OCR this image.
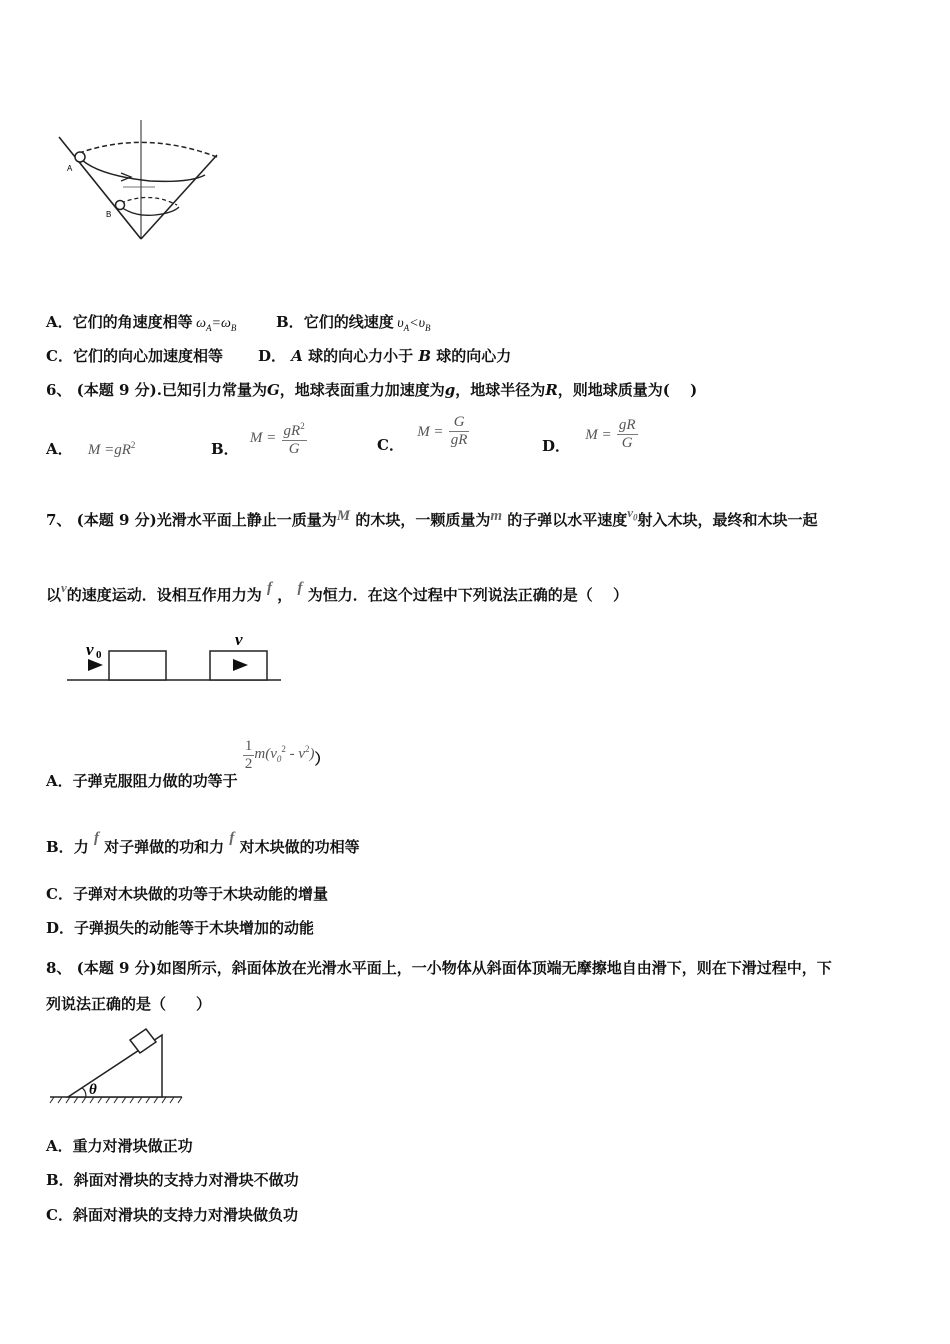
A
B
A．它们的角速度相等 $\omega_A=\omega_B$	B．它们的线速度 $\upsilon_A<\upsilon_B$
C．它们的向心加速度相等 D． A 球的向心力小于 B 球的向心力
6、 (本题 9 分).已知引力常量为G，地球表面重力加速度为g，地球半径为R，则地球质量为(　 )
A． $M =gR^2$	B． $M = \frac{gR^2}{G}$	C． $M = \frac{G}{gR}$	D． $M = \frac{gR}{G}$
7、 (本题 9 分)光滑水平面上静止一质量为M 的木块，一颗质量为m 的子弹以水平速度$v_0$射入木块，最终和木块一起
以v的速度运动．设相互作用力为 f ， f 为恒力．在这个过程中下列说法正确的是（　 ）
v 0
v
A．子弹克服阻力做的功等于
$\frac{1}{2} m(v_0^2 - v^2)$）
B．力 f 对子弹做的功和力 f 对木块做的功相等
C．子弹对木块做的功等于木块动能的增量
D．子弹损失的动能等于木块增加的动能
8、 (本题 9 分)如图所示，斜面体放在光滑水平面上，一小物体从斜面体顶端无摩擦地自由滑下，则在下滑过程中，下
列说法正确的是（　　）
θ
A．重力对滑块做正功
B．斜面对滑块的支持力对滑块不做功
C．斜面对滑块的支持力对滑块做负功
